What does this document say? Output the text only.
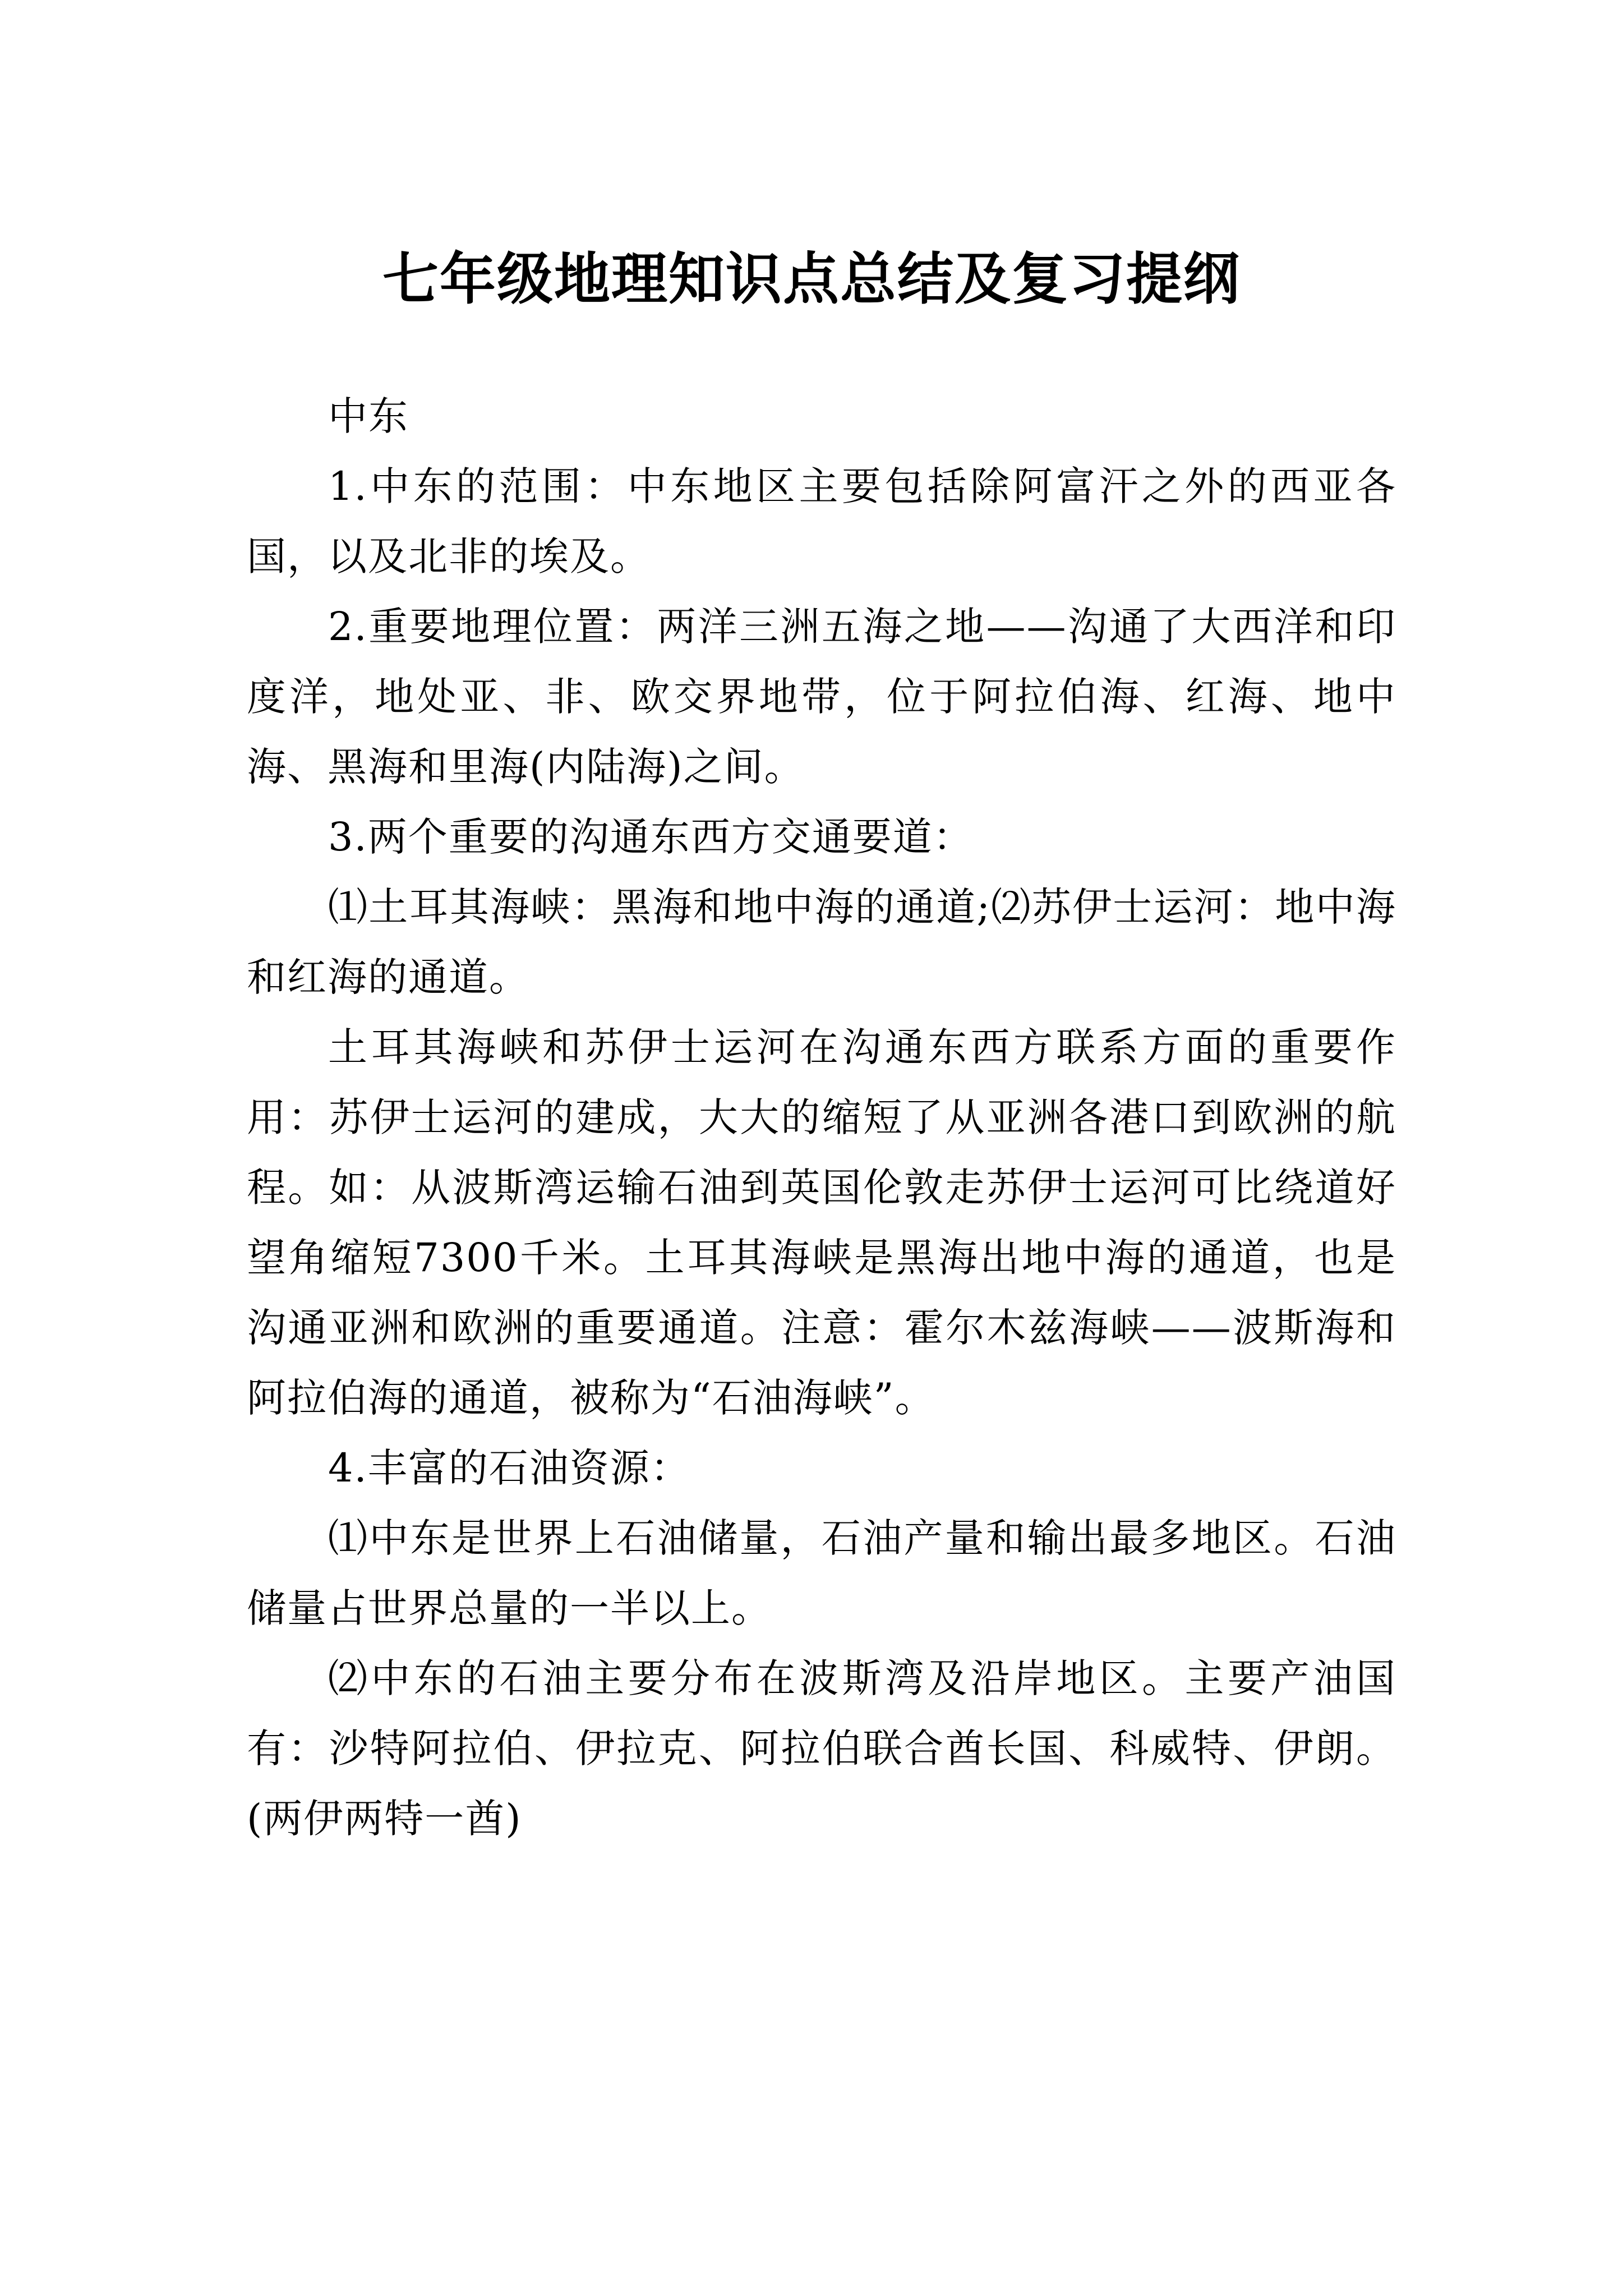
七年级地理知识点总结及复习提纲

中东

1.中东的范围：中东地区主要包括除阿富汗之外的西亚各国，以及北非的埃及。

2.重要地理位置：两洋三洲五海之地——沟通了大西洋和印度洋，地处亚、非、欧交界地带，位于阿拉伯海、红海、地中海、黑海和里海(内陆海)之间。

3.两个重要的沟通东西方交通要道：

⑴土耳其海峡：黑海和地中海的通道;⑵苏伊士运河：地中海和红海的通道。

土耳其海峡和苏伊士运河在沟通东西方联系方面的重要作用：苏伊士运河的建成，大大的缩短了从亚洲各港口到欧洲的航程。如：从波斯湾运输石油到英国伦敦走苏伊士运河可比绕道好望角缩短7300千米。土耳其海峡是黑海出地中海的通道，也是沟通亚洲和欧洲的重要通道。注意：霍尔木兹海峡——波斯海和阿拉伯海的通道，被称为“石油海峡”。

4.丰富的石油资源：

⑴中东是世界上石油储量，石油产量和输出最多地区。石油储量占世界总量的一半以上。

⑵中东的石油主要分布在波斯湾及沿岸地区。主要产油国有：沙特阿拉伯、伊拉克、阿拉伯联合酋长国、科威特、伊朗。(两伊两特一酋)
